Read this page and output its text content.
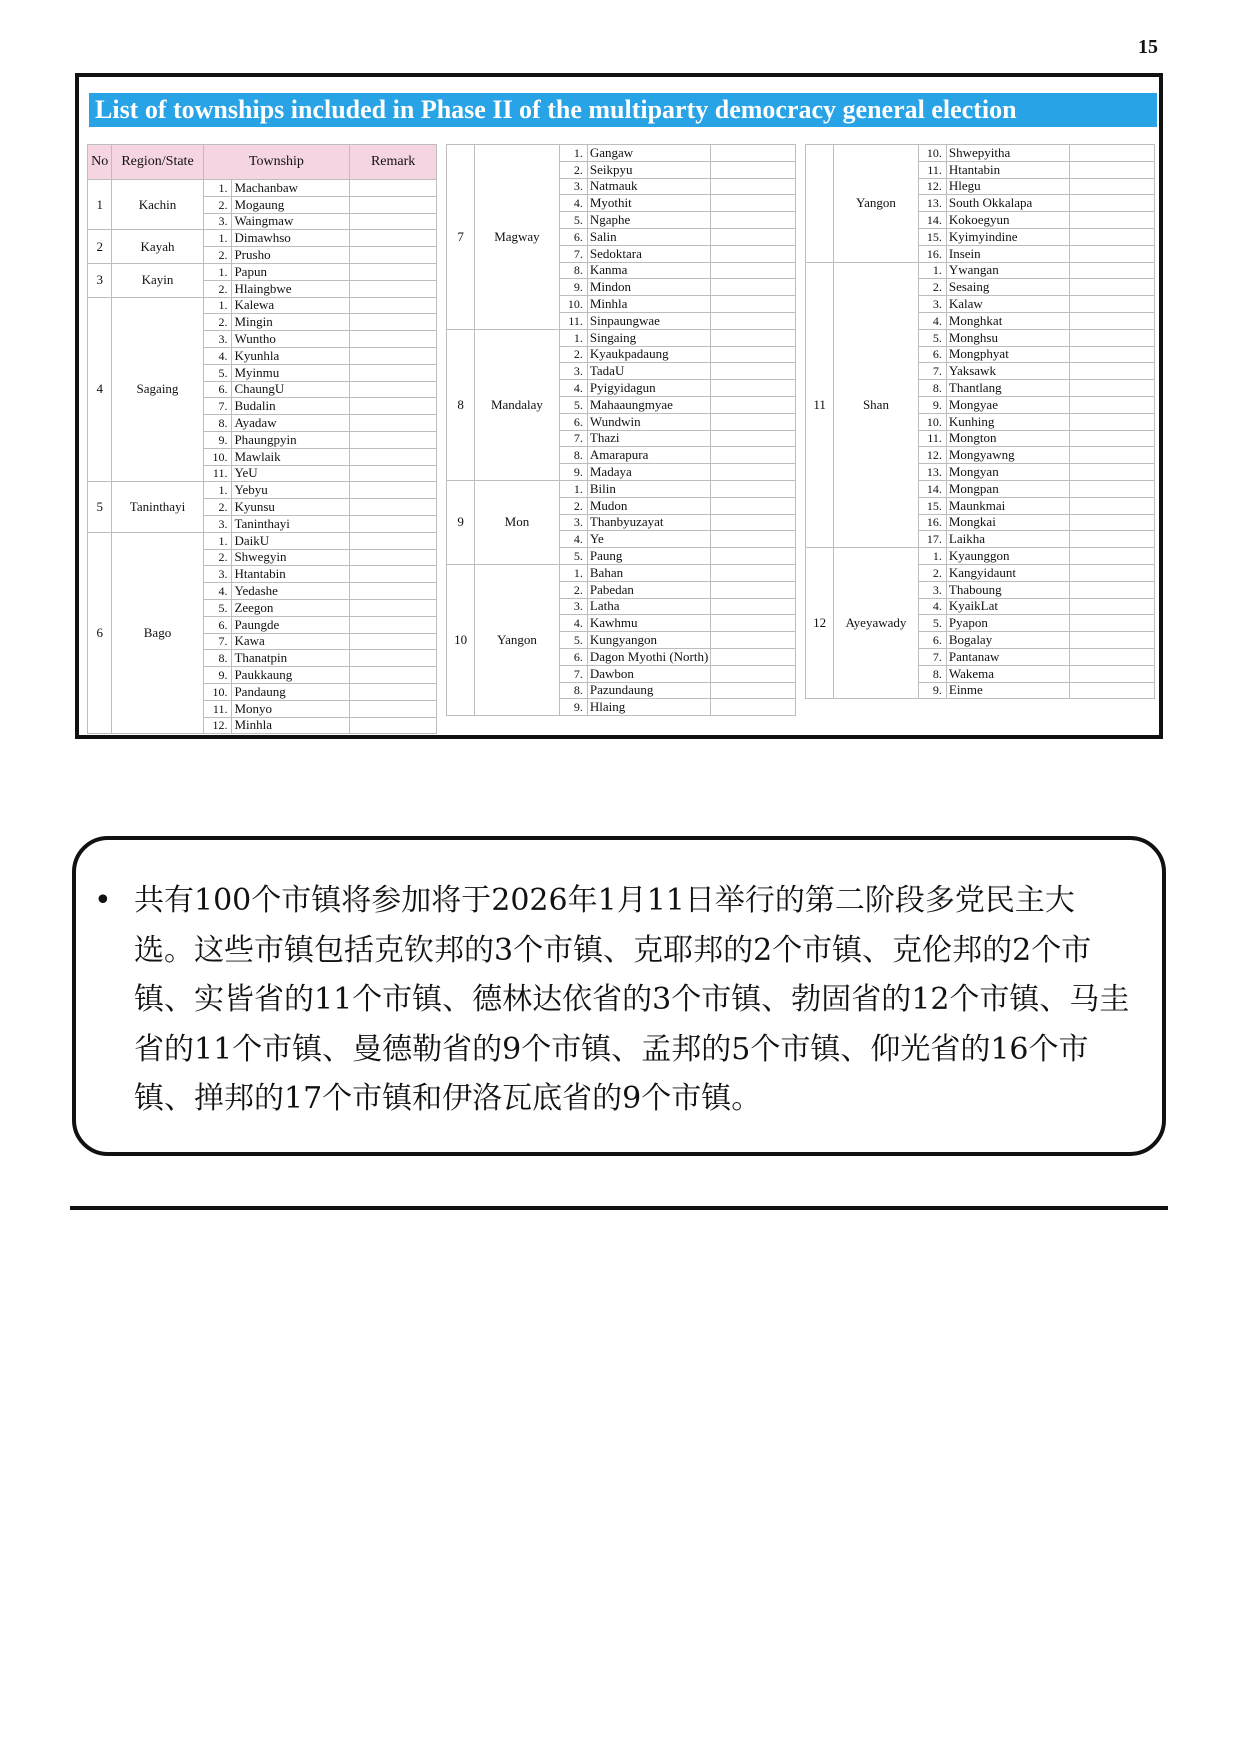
15
List of townships included in Phase II of the multiparty democracy general election
No	Region/State	Township		Remark
1	Kachin	1.	Machanbaw	
		2.	Mogaung	
		3.	Waingmaw	
2	Kayah	1.	Dimawhso	
		2.	Prusho	
3	Kayin	1.	Papun	
		2.	Hlaingbwe	
4	Sagaing	1.	Kalewa	
		2.	Mingin	
		3.	Wuntho	
		4.	Kyunhla	
		5.	Myinmu	
		6.	ChaungU	
		7.	Budalin	
		8.	Ayadaw	
		9.	Phaungpyin	
		10.	Mawlaik	
		11.	YeU	
5	Taninthayi	1.	Yebyu	
		2.	Kyunsu	
		3.	Taninthayi	
6	Bago	1.	DaikU	
		2.	Shwegyin	
		3.	Htantabin	
		4.	Yedashe	
		5.	Zeegon	
		6.	Paungde	
		7.	Kawa	
		8.	Thanatpin	
		9.	Paukkaung	
		10.	Pandaung	
		11.	Monyo	
		12.	Minhla	
7	Magway	1.	Gangaw	
		2.	Seikpyu	
		3.	Natmauk	
		4.	Myothit	
		5.	Ngaphe	
		6.	Salin	
		7.	Sedoktara	
		8.	Kanma	
		9.	Mindon	
		10.	Minhla	
		11.	Sinpaungwae	
8	Mandalay	1.	Singaing	
		2.	Kyaukpadaung	
		3.	TadaU	
		4.	Pyigyidagun	
		5.	Mahaaungmyae	
		6.	Wundwin	
		7.	Thazi	
		8.	Amarapura	
		9.	Madaya	
9	Mon	1.	Bilin	
		2.	Mudon	
		3.	Thanbyuzayat	
		4.	Ye	
		5.	Paung	
10	Yangon	1.	Bahan	
		2.	Pabedan	
		3.	Latha	
		4.	Kawhmu	
		5.	Kungyangon	
		6.	Dagon Myothi (North)	
		7.	Dawbon	
		8.	Pazundaung	
		9.	Hlaing	
	Yangon	10.	Shwepyitha	
		11.	Htantabin	
		12.	Hlegu	
		13.	South Okkalapa	
		14.	Kokoegyun	
		15.	Kyimyindine	
		16.	Insein	
11	Shan	1.	Ywangan	
		2.	Sesaing	
		3.	Kalaw	
		4.	Monghkat	
		5.	Monghsu	
		6.	Mongphyat	
		7.	Yaksawk	
		8.	Thantlang	
		9.	Mongyae	
		10.	Kunhing	
		11.	Mongton	
		12.	Mongyawng	
		13.	Mongyan	
		14.	Mongpan	
		15.	Maunkmai	
		16.	Mongkai	
		17.	Laikha	
12	Ayeyawady	1.	Kyaunggon	
		2.	Kangyidaunt	
		3.	Thaboung	
		4.	KyaikLat	
		5.	Pyapon	
		6.	Bogalay	
		7.	Pantanaw	
		8.	Wakema	
		9.	Einme	
• 共有100个市镇将参加将于2026年1月11日举行的第二阶段多党民主大选。这些市镇包括克钦邦的3个市镇、克耶邦的2个市镇、克伦邦的2个市镇、实皆省的11个市镇、德林达依省的3个市镇、勃固省的12个市镇、马圭省的11个市镇、曼德勒省的9个市镇、孟邦的5个市镇、仰光省的16个市镇、掸邦的17个市镇和伊洛瓦底省的9个市镇。
